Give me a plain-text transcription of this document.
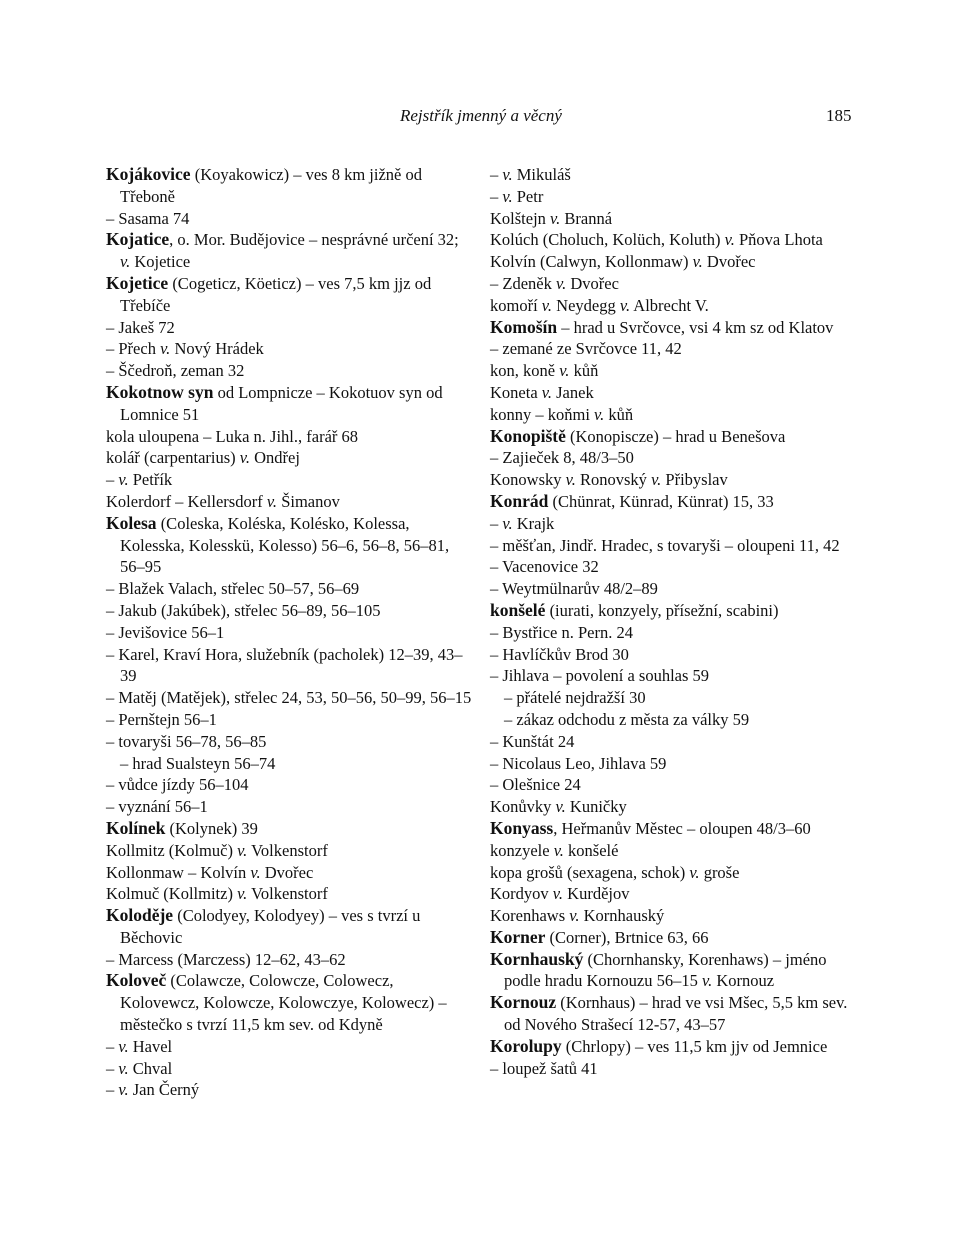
Rejstřík jmenný a věcný	185
Kojákovice (Koyakowicz) – ves 8 km jižně od Třeboně
– Sasama 74
Kojatice, o. Mor. Budějovice – nesprávné určení 32; v. Kojetice
Kojetice (Cogeticz, Köeticz) – ves 7,5 km jjz od Třebíče
– Jakeš 72
– Přech v. Nový Hrádek
– Ščedroň, zeman 32
Kokotnow syn od Lompnicze – Kokotuov syn od Lomnice 51
kola uloupena – Luka n. Jihl., farář 68
kolář (carpentarius) v. Ondřej
– v. Petřík
Kolerdorf – Kellersdorf v. Šimanov
Kolesa (Coleska, Koléska, Kolésko, Kolessa, Kolesska, Kolesskü, Kolesso) 56–6, 56–8, 56–81, 56–95
– Blažek Valach, střelec 50–57, 56–69
– Jakub (Jakúbek), střelec 56–89, 56–105
– Jevišovice 56–1
– Karel, Kraví Hora, služebník (pacholek) 12–39, 43–39
– Matěj (Matějek), střelec 24, 53, 50–56, 50–99, 56–15
– Pernštejn 56–1
– tovaryši 56–78, 56–85
– hrad Sualsteyn 56–74
– vůdce jízdy 56–104
– vyznání 56–1
Kolínek (Kolynek) 39
Kollmitz (Kolmuč) v. Volkenstorf
Kollonmaw – Kolvín v. Dvořec
Kolmuč (Kollmitz) v. Volkenstorf
Koloděje (Colodyey, Kolodyey) – ves s tvrzí u Běchovic
– Marcess (Marczess) 12–62, 43–62
Koloveč (Colawcze, Colowcze, Colowecz, Kolovewcz, Kolowcze, Kolowczye, Kolowecz) – městečko s tvrzí 11,5 km sev. od Kdyně
– v. Havel
– v. Chval
– v. Jan Černý
– v. Mikuláš
– v. Petr
Kolštejn v. Branná
Kolúch (Choluch, Kolüch, Koluth) v. Pňova Lhota
Kolvín (Calwyn, Kollonmaw) v. Dvořec
– Zdeněk v. Dvořec
komoří v. Neydegg v. Albrecht V.
Komošín – hrad u Svrčovce, vsi 4 km sz od Klatov
– zemané ze Svrčovce 11, 42
kon, koně v. kůň
Koneta v. Janek
konny – koňmi v. kůň
Konopiště (Konopiscze) – hrad u Benešova
– Zajieček 8, 48/3–50
Konowsky v. Ronovský v. Přibyslav
Konrád (Chünrat, Künrad, Künrat) 15, 33
– v. Krajk
– měšťan, Jindř. Hradec, s tovaryši – oloupeni 11, 42
– Vacenovice 32
– Weytmülnarův 48/2–89
konšelé (iurati, konzyely, přísežní, scabini)
– Bystřice n. Pern. 24
– Havlíčkův Brod 30
– Jihlava – povolení a souhlas 59
– přátelé nejdražší 30
– zákaz odchodu z města za války 59
– Kunštát 24
– Nicolaus Leo, Jihlava 59
– Olešnice 24
Konůvky v. Kuničky
Konyass, Heřmanův Městec – oloupen 48/3–60
konzyele v. konšelé
kopa grošů (sexagena, schok) v. groše
Kordyov v. Kurdějov
Korenhaws v. Kornhauský
Korner (Corner), Brtnice 63, 66
Kornhauský (Chornhansky, Korenhaws) – jméno podle hradu Kornouzu 56–15 v. Kornouz
Kornouz (Kornhaus) – hrad ve vsi Mšec, 5,5 km sev. od Nového Strašecí 12-57, 43–57
Korolupy (Chrlopy) – ves 11,5 km jjv od Jemnice
– loupež šatů 41
